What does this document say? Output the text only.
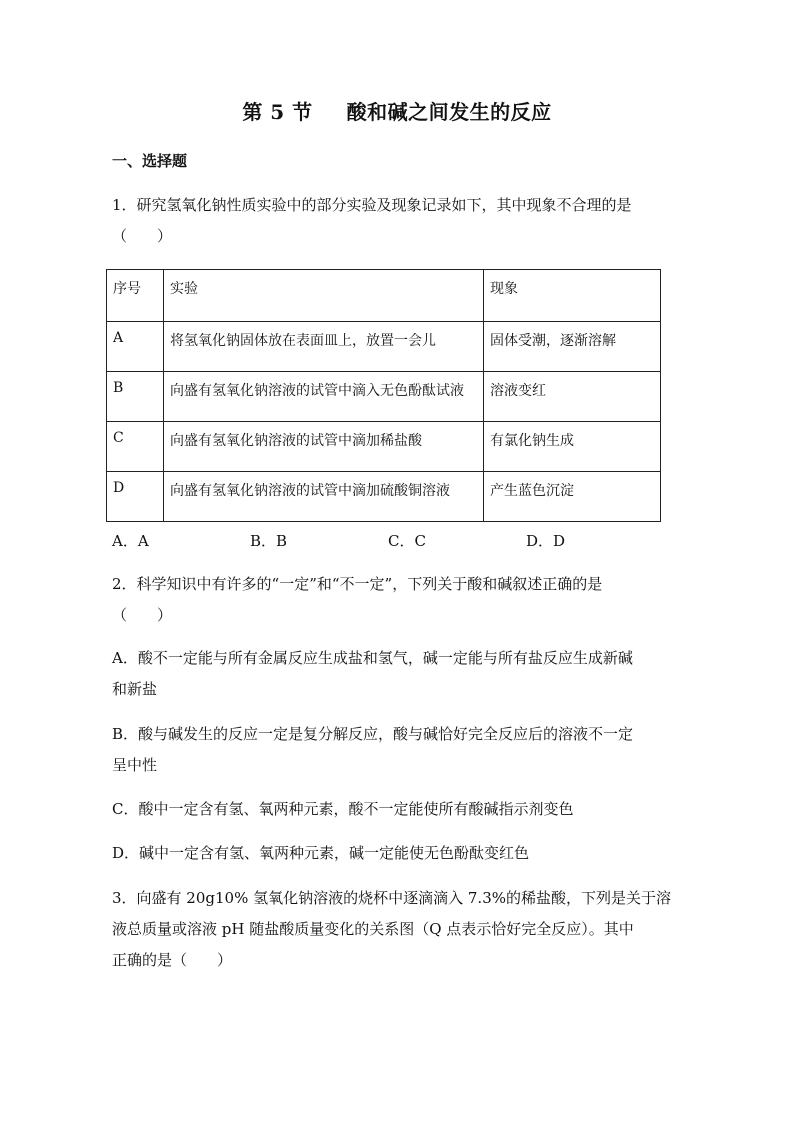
第 5 节 酸和碱之间发生的反应
一、选择题
1．研究氢氧化钠性质实验中的部分实验及现象记录如下，其中现象不合理的是
（　　）
序号	实验	现象
A	将氢氧化钠固体放在表面皿上，放置一会儿	固体受潮，逐渐溶解
B	向盛有氢氧化钠溶液的试管中滴入无色酚酞试液	溶液变红
C	向盛有氢氧化钠溶液的试管中滴加稀盐酸	有氯化钠生成
D	向盛有氢氧化钠溶液的试管中滴加硫酸铜溶液	产生蓝色沉淀
A．A	B．B	C．C	D．D
2．科学知识中有许多的“一定”和“不一定”，下列关于酸和碱叙述正确的是
（　　）
A．酸不一定能与所有金属反应生成盐和氢气，碱一定能与所有盐反应生成新碱
和新盐
B．酸与碱发生的反应一定是复分解反应，酸与碱恰好完全反应后的溶液不一定
呈中性
C．酸中一定含有氢、氧两种元素，酸不一定能使所有酸碱指示剂变色
D．碱中一定含有氢、氧两种元素，碱一定能使无色酚酞变红色
3．向盛有 20g10% 氢氧化钠溶液的烧杯中逐滴滴入 7.3%的稀盐酸，下列是关于溶
液总质量或溶液 pH 随盐酸质量变化的关系图（Q 点表示恰好完全反应）。其中
正确的是（　　）
